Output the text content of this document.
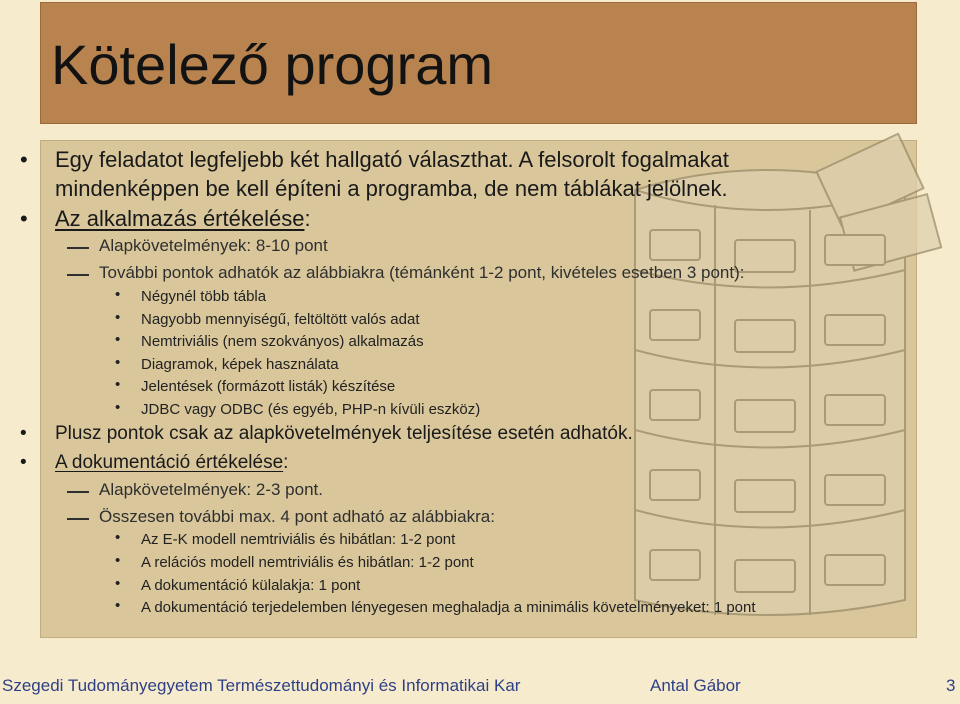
Kötelező program
• Egy feladatot legfeljebb két hallgató választhat. A felsorolt fogalmakat
mindenképpen be kell építeni a programba, de nem táblákat jelölnek.
• Az alkalmazás értékelése:
Alapkövetelmények: 8-10 pont
További pontok adhatók az alábbiakra (témánként 1-2 pont, kivételes esetben 3 pont):
• Négynél több tábla
• Nagyobb mennyiségű, feltöltött valós adat
• Nemtriviális (nem szokványos) alkalmazás
• Diagramok, képek használata
• Jelentések (formázott listák) készítése
• JDBC vagy ODBC (és egyéb, PHP-n kívüli eszköz)
• Plusz pontok csak az alapkövetelmények teljesítése esetén adhatók.
• A dokumentáció értékelése:
Alapkövetelmények: 2-3 pont.
Összesen további max. 4 pont adható az alábbiakra:
• Az E-K modell nemtriviális és hibátlan: 1-2 pont
• A relációs modell nemtriviális és hibátlan: 1-2 pont
• A dokumentáció külalakja: 1 pont
• A dokumentáció terjedelemben lényegesen meghaladja a minimális követelményeket: 1 pont
Szegedi Tudományegyetem Természettudományi és Informatikai Kar	Antal Gábor	3
